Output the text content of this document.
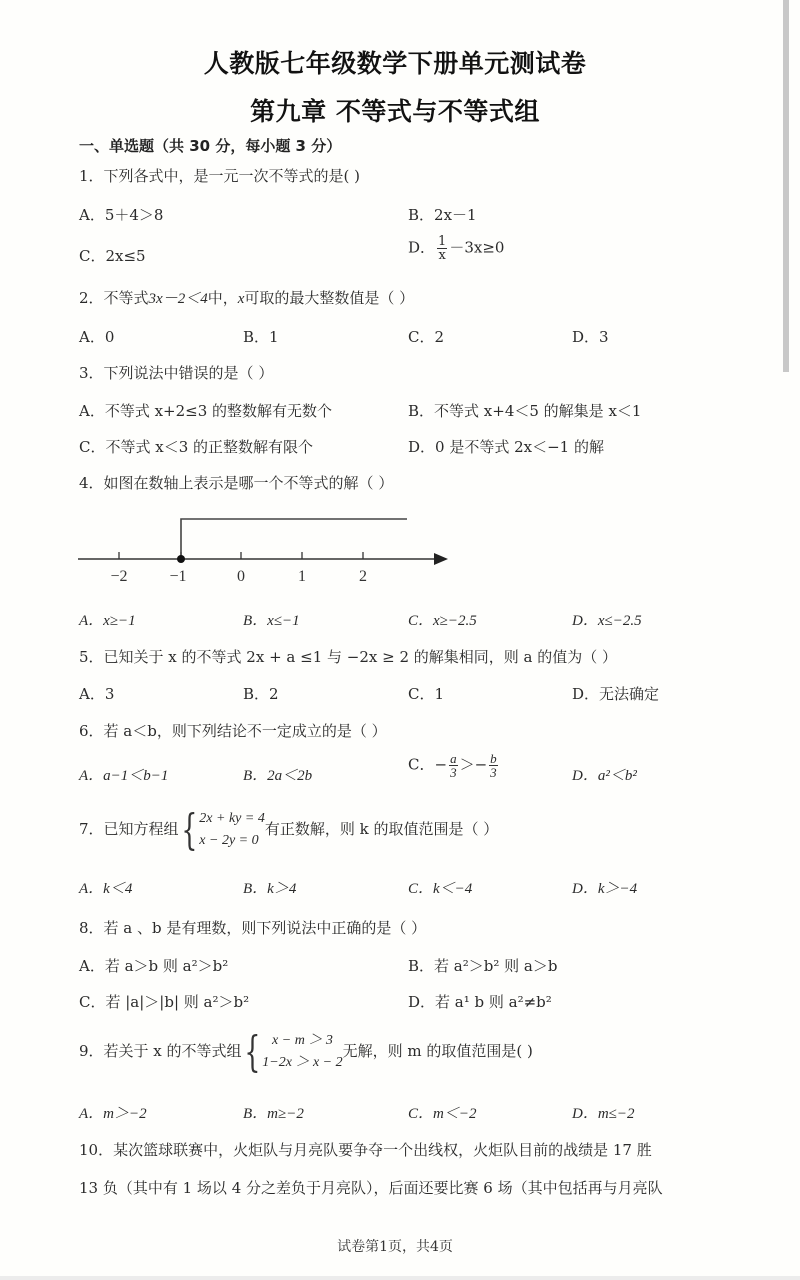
人教版七年级数学下册单元测试卷
第九章 不等式与不等式组
一、单选题（共 30 分，每小题 3 分）
1．下列各式中，是一元一次不等式的是( )
A．5＋4＞8	B．2x－1
C．2x≤5	D． $\frac{1}{x} -3x\ge 0$
2．不等式3x－2＜4中，x可取的最大整数值是（ ）
A．0	B．1	C．2	D．3
3．下列说法中错误的是（ ）
A．不等式 x+2≤3 的整数解有无数个	B．不等式 x+4＜5 的解集是 x＜1
C．不等式 x＜3 的正整数解有限个	D．0 是不等式 2x＜−1 的解
4．如图在数轴上表示是哪一个不等式的解（ ）
−2	−1	0	1	2
A．x≥−1	B．x≤−1	C．x≥−2.5	D．x≤−2.5
5．已知关于 x 的不等式 2x + a ≤1 与 −2x ≥ 2 的解集相同，则 a 的值为（ ）
A．3	B．2	C．1	D．无法确定
6．若 a＜b，则下列结论不一定成立的是（ ）
A．a−1＜b−1	B．2a＜2b
C．− $\frac{a}{3} >- \frac{b}{3}$	D．a²＜b²
7．已知方程组{ 2x + ky = 4
x − 2y = 0
有正数解，则 k 的取值范围是（ ）
A．k＜4	B．k＞4	C．k＜−4	D．k＞−4
8．若 a 、b 是有理数，则下列说法中正确的是（ ）
A．若 a＞b 则 a²＞b²	B．若 a²＞b² 则 a＞b
C．若 |a|＞|b| 则 a²＞b²	D．若 a¹ b 则 a²≠b²
9．若关于 x 的不等式组{ x − m ＞ 3
1−2x ＞ x − 2
无解，则 m 的取值范围是( )
A．m＞−2	B．m≥−2	C．m＜−2	D．m≤−2
10．某次篮球联赛中，火炬队与月亮队要争夺一个出线权，火炬队目前的战绩是 17 胜
13 负（其中有 1 场以 4 分之差负于月亮队），后面还要比赛 6 场（其中包括再与月亮队
试卷第1页，共4页
